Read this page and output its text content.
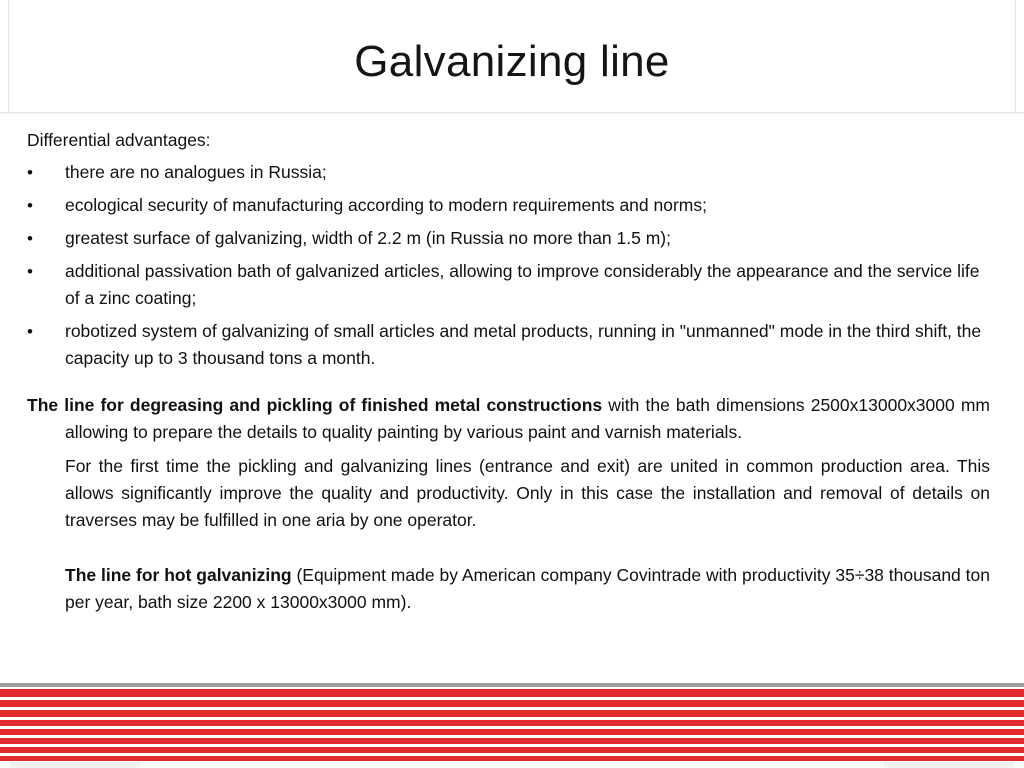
Galvanizing line
Differential advantages:
•	there are no analogues in Russia;
•	ecological security of manufacturing according to modern requirements and norms;
•	greatest surface of galvanizing, width of 2.2 m (in Russia no more than 1.5 m);
•	additional passivation bath of galvanized articles, allowing to improve considerably the appearance and the service life of a zinc coating;
•	robotized system of galvanizing of small articles and metal products, running in "unmanned" mode in the third shift, the capacity up to 3 thousand tons a month.

The line for degreasing and pickling of finished metal constructions with the bath dimensions 2500x13000x3000 mm allowing to prepare the details to quality painting by various paint and varnish materials.

For the first time the pickling and galvanizing lines (entrance and exit) are united in common production area. This allows significantly improve the quality and productivity. Only in this case the installation and removal of details on traverses may be fulfilled in one aria by one operator.

The line for hot galvanizing (Equipment made by American company Covintrade with productivity 35÷38 thousand ton per year, bath size 2200 x 13000x3000 mm).
